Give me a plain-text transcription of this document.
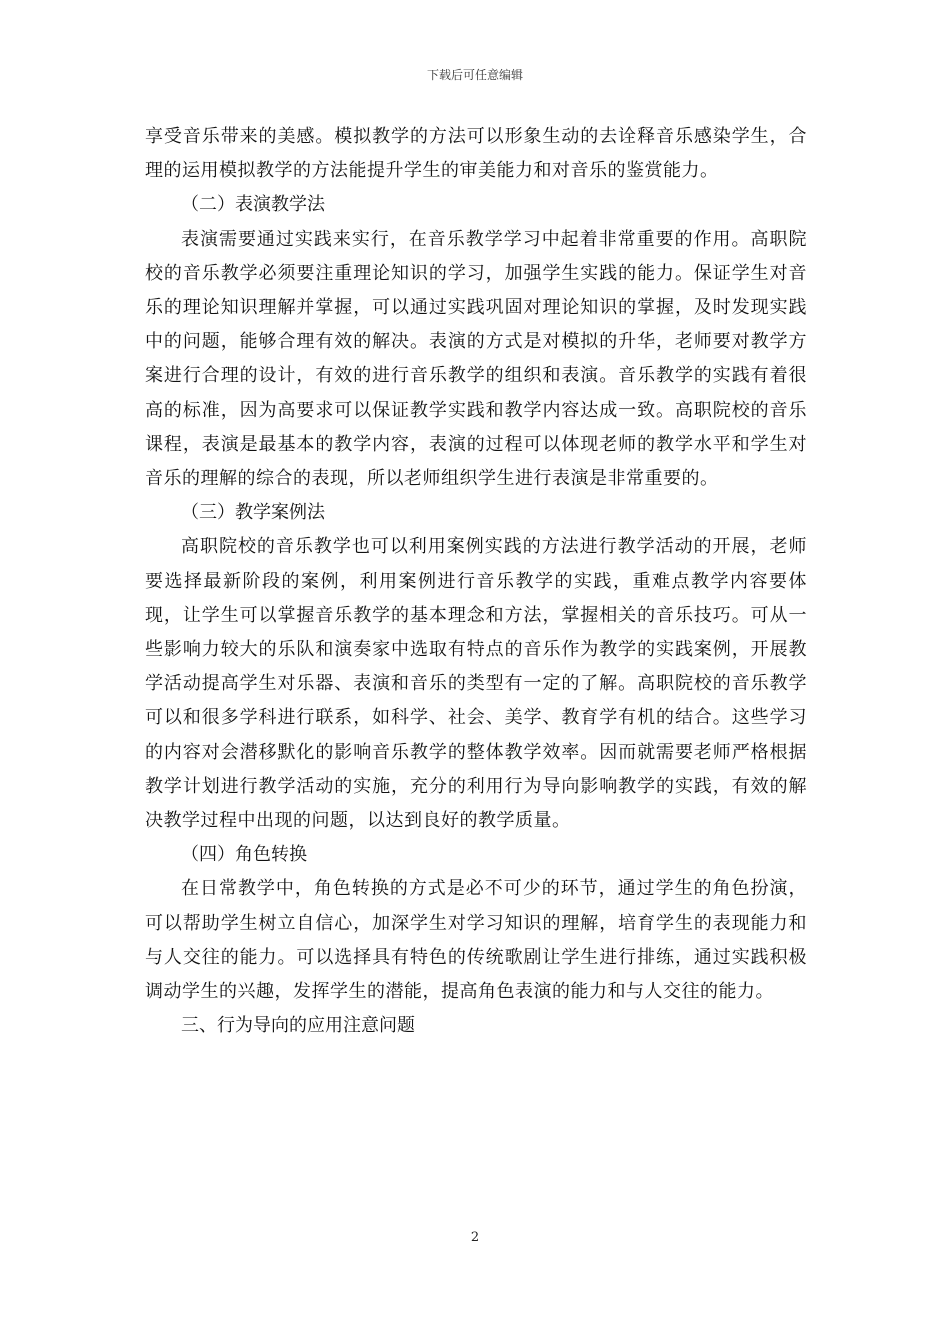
下载后可任意编辑

享受音乐带来的美感。模拟教学的方法可以形象生动的去诠释音乐感染学生，合理的运用模拟教学的方法能提升学生的审美能力和对音乐的鉴赏能力。

（二）表演教学法

表演需要通过实践来实行，在音乐教学学习中起着非常重要的作用。高职院校的音乐教学必须要注重理论知识的学习，加强学生实践的能力。保证学生对音乐的理论知识理解并掌握，可以通过实践巩固对理论知识的掌握，及时发现实践中的问题，能够合理有效的解决。表演的方式是对模拟的升华，老师要对教学方案进行合理的设计，有效的进行音乐教学的组织和表演。音乐教学的实践有着很高的标准，因为高要求可以保证教学实践和教学内容达成一致。高职院校的音乐课程，表演是最基本的教学内容，表演的过程可以体现老师的教学水平和学生对音乐的理解的综合的表现，所以老师组织学生进行表演是非常重要的。

（三）教学案例法

高职院校的音乐教学也可以利用案例实践的方法进行教学活动的开展，老师要选择最新阶段的案例，利用案例进行音乐教学的实践，重难点教学内容要体现，让学生可以掌握音乐教学的基本理念和方法，掌握相关的音乐技巧。可从一些影响力较大的乐队和演奏家中选取有特点的音乐作为教学的实践案例，开展教学活动提高学生对乐器、表演和音乐的类型有一定的了解。高职院校的音乐教学可以和很多学科进行联系，如科学、社会、美学、教育学有机的结合。这些学习的内容对会潜移默化的影响音乐教学的整体教学效率。因而就需要老师严格根据教学计划进行教学活动的实施，充分的利用行为导向影响教学的实践，有效的解决教学过程中出现的问题，以达到良好的教学质量。

（四）角色转换

在日常教学中，角色转换的方式是必不可少的环节，通过学生的角色扮演，可以帮助学生树立自信心，加深学生对学习知识的理解，培育学生的表现能力和与人交往的能力。可以选择具有特色的传统歌剧让学生进行排练，通过实践积极调动学生的兴趣，发挥学生的潜能，提高角色表演的能力和与人交往的能力。

三、行为导向的应用注意问题
2
